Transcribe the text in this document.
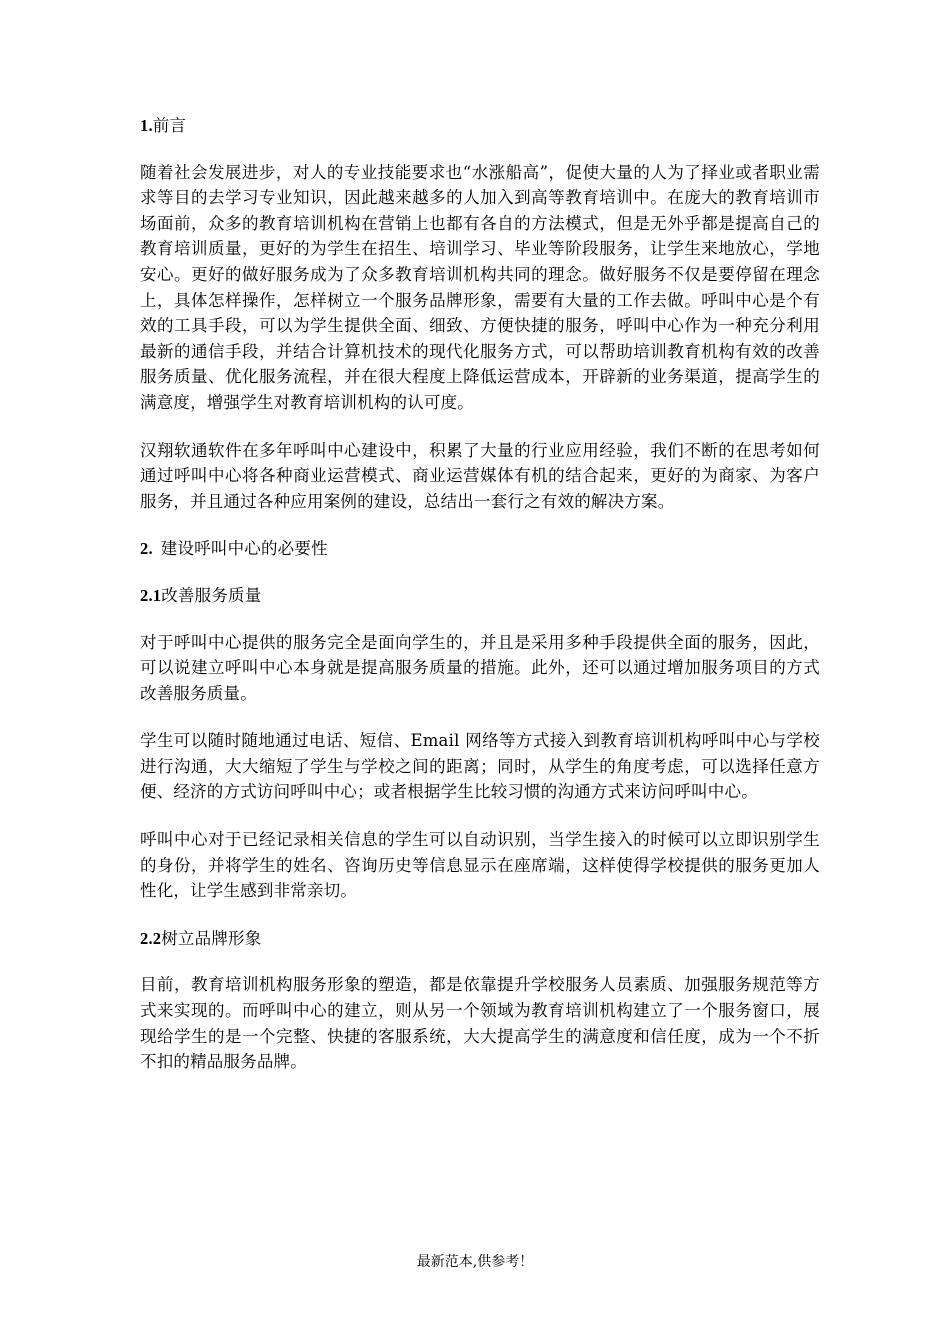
1.前言

随着社会发展进步，对人的专业技能要求也“水涨船高”，促使大量的人为了择业或者职业需求等目的去学习专业知识，因此越来越多的人加入到高等教育培训中。在庞大的教育培训市场面前，众多的教育培训机构在营销上也都有各自的方法模式，但是无外乎都是提高自己的教育培训质量，更好的为学生在招生、培训学习、毕业等阶段服务，让学生来地放心，学地安心。更好的做好服务成为了众多教育培训机构共同的理念。做好服务不仅是要停留在理念上，具体怎样操作，怎样树立一个服务品牌形象，需要有大量的工作去做。呼叫中心是个有效的工具手段，可以为学生提供全面、细致、方便快捷的服务，呼叫中心作为一种充分利用最新的通信手段，并结合计算机技术的现代化服务方式，可以帮助培训教育机构有效的改善服务质量、优化服务流程，并在很大程度上降低运营成本，开辟新的业务渠道，提高学生的满意度，增强学生对教育培训机构的认可度。

汉翔软通软件在多年呼叫中心建设中，积累了大量的行业应用经验，我们不断的在思考如何通过呼叫中心将各种商业运营模式、商业运营媒体有机的结合起来，更好的为商家、为客户服务，并且通过各种应用案例的建设，总结出一套行之有效的解决方案。

2. 建设呼叫中心的必要性

2.1改善服务质量

对于呼叫中心提供的服务完全是面向学生的，并且是采用多种手段提供全面的服务，因此，可以说建立呼叫中心本身就是提高服务质量的措施。此外，还可以通过增加服务项目的方式改善服务质量。

学生可以随时随地通过电话、短信、Email 网络等方式接入到教育培训机构呼叫中心与学校进行沟通，大大缩短了学生与学校之间的距离；同时，从学生的角度考虑，可以选择任意方便、经济的方式访问呼叫中心；或者根据学生比较习惯的沟通方式来访问呼叫中心。

呼叫中心对于已经记录相关信息的学生可以自动识别，当学生接入的时候可以立即识别学生的身份，并将学生的姓名、咨询历史等信息显示在座席端，这样使得学校提供的服务更加人性化，让学生感到非常亲切。

2.2树立品牌形象

目前，教育培训机构服务形象的塑造，都是依靠提升学校服务人员素质、加强服务规范等方式来实现的。而呼叫中心的建立，则从另一个领域为教育培训机构建立了一个服务窗口，展现给学生的是一个完整、快捷的客服系统，大大提高学生的满意度和信任度，成为一个不折不扣的精品服务品牌。

最新范本,供参考！
